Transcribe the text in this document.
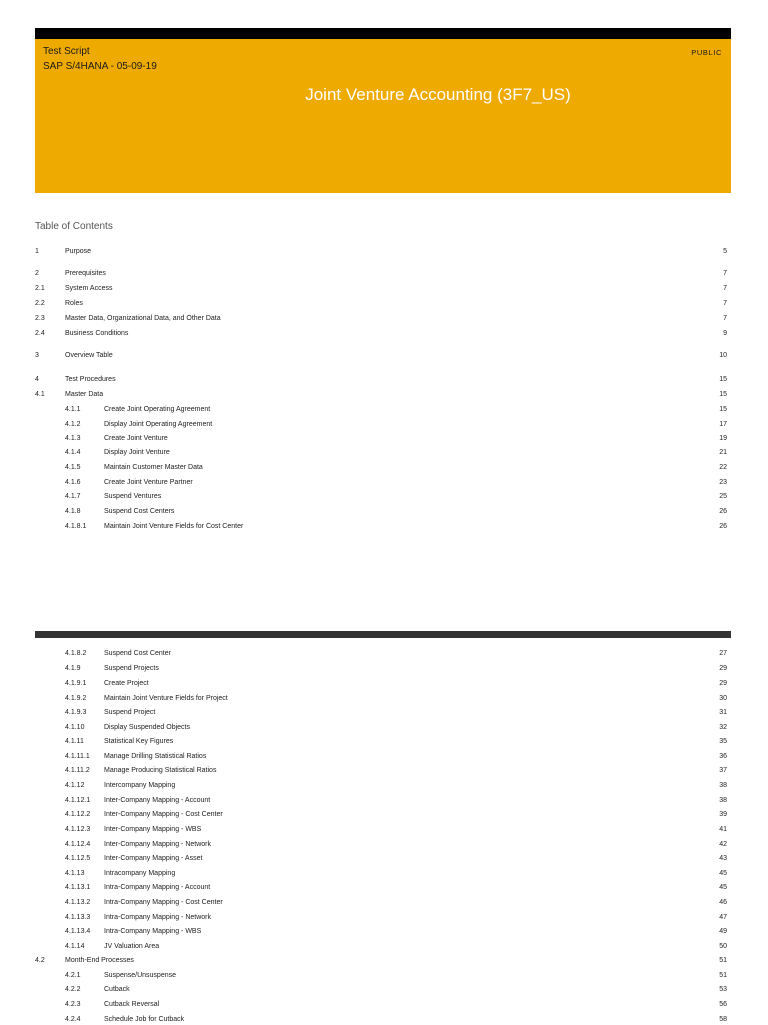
Test Script
SAP S/4HANA - 05-09-19
PUBLIC
Joint Venture Accounting (3F7_US)
Table of Contents
1	Purpose	5
2	Prerequisites	7
2.1	System Access	7
2.2	Roles	7
2.3	Master Data, Organizational Data, and Other Data	7
2.4	Business Conditions	9
3	Overview Table	10
4	Test Procedures	15
4.1	Master Data	15
4.1.1	Create Joint Operating Agreement	15
4.1.2	Display Joint Operating Agreement	17
4.1.3	Create Joint Venture	19
4.1.4	Display Joint Venture	21
4.1.5	Maintain Customer Master Data	22
4.1.6	Create Joint Venture Partner	23
4.1.7	Suspend Ventures	25
4.1.8	Suspend Cost Centers	26
4.1.8.1	Maintain Joint Venture Fields for Cost Center	26
4.1.8.2	Suspend Cost Center	27
4.1.9	Suspend Projects	29
4.1.9.1	Create Project	29
4.1.9.2	Maintain Joint Venture Fields for Project	30
4.1.9.3	Suspend Project	31
4.1.10	Display Suspended Objects	32
4.1.11	Statistical Key Figures	35
4.1.11.1 Manage Drilling Statistical Ratios	36
4.1.11.2 Manage Producing Statistical Ratios	37
4.1.12	Intercompany Mapping	38
4.1.12.1 Inter-Company Mapping - Account	38
4.1.12.2 Inter-Company Mapping - Cost Center	39
4.1.12.3 Inter-Company Mapping - WBS	41
4.1.12.4 Inter-Company Mapping - Network	42
4.1.12.5 Inter-Company Mapping - Asset	43
4.1.13	Intracompany Mapping	45
4.1.13.1 Intra-Company Mapping - Account	45
4.1.13.2 Intra-Company Mapping - Cost Center	46
4.1.13.3 Intra-Company Mapping - Network	47
4.1.13.4 Intra-Company Mapping - WBS	49
4.1.14	JV Valuation Area	50
4.2	Month-End Processes	51
4.2.1	Suspense/Unsuspense	51
4.2.2	Cutback	53
4.2.3	Cutback Reversal	56
4.2.4	Schedule Job for Cutback	58
